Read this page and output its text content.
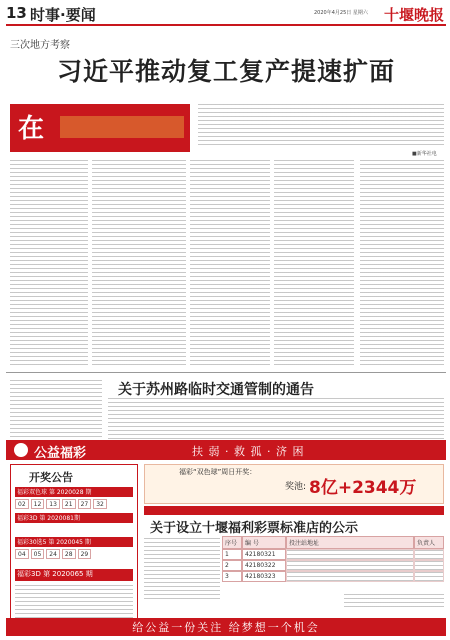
13 时事·要闻	2020年4月25日 星期六 十堰晚报
三次地方考察
习近平推动复工复产提速扩面
在
■新华社电
关于苏州路临时交通管制的通告
公益福彩	扶 弱 · 救 孤 · 济 困
开奖公告
福彩双色球 第 2020028 期
02	12	13	21	27	32
福彩3D 第 2020081期
福彩30选5 第 2020045 期
04	05	24	28	29
福彩3D 第 2020065 期
福彩“双色球”周日开奖：
奖池: 8亿+2344万
关于设立十堰福利彩票标准店的公示
序号	编 号	投注站地址	负责人
1	42180321
2	42180322
3	42180323
给公益一份关注 给梦想一个机会
